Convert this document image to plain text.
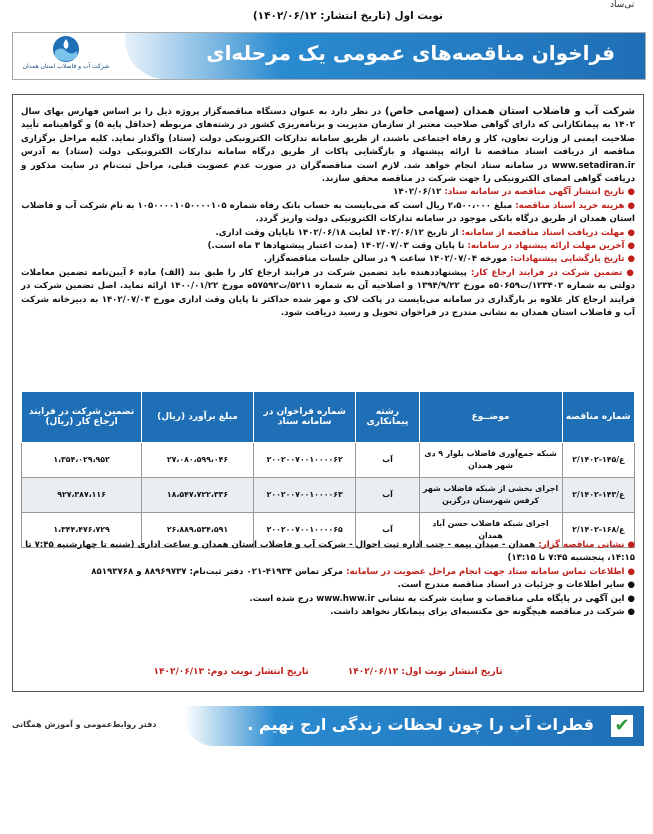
نی‌ساد
نوبت اول (تاریخ انتشار: ۱۴۰۲/۰۶/۱۲)
فراخوان مناقصه‌های عمومی یک مرحله‌ای
شرکت آب و فاضلاب استان همدان

شرکت آب و فاضلاب استان همدان (سهامی خاص) در نظر دارد به عنوان دستگاه مناقصه‌گزار پروژه ذیل را بر اساس فهارس بهای سال ۱۴۰۲ به پیمانکارانی که دارای گواهی صلاحیت معتبر از سازمان مدیریت و برنامه‌ریزی کشور در رشته‌های مربوطه (حداقل پایه ۵) و گواهینامه تأیید صلاحیت ایمنی از وزارت تعاون، کار و رفاه اجتماعی باشند، از طریق سامانه تدارکات الکترونیکی دولت (ستاد) واگذار نماید. کلیه مراحل برگزاری مناقصه از دریافت اسناد مناقصه تا ارائه پیشنهاد و بازگشایی پاکات از طریق درگاه سامانه تدارکات الکترونیکی دولت (ستاد) به آدرس www.setadiran.ir در سامانه ستاد انجام خواهد شد. لازم است مناقصه‌گران در صورت عدم عضویت قبلی، مراحل ثبت‌نام در سایت مذکور و دریافت گواهی امضای الکترونیکی را جهت شرکت در مناقصه محقق سازند.

● تاریخ انتشار آگهی مناقصه در سامانه ستاد: ۱۴۰۲/۰۶/۱۲

● هزینه خرید اسناد مناقصه: مبلغ ۲،۵۰۰،۰۰۰ ریال است که می‌بایست به حساب بانک رفاه شماره ۱۰۵۰۰۰۰۱۰۵۰۰۰۰۱۰۵ به نام شرکت آب و فاضلاب استان همدان از طریق درگاه بانکی موجود در سامانه تدارکات الکترونیکی دولت واریز گردد.

● مهلت دریافت اسناد مناقصه از سامانه: از تاریخ ۱۴۰۲/۰۶/۱۲ لغایت ۱۴۰۲/۰۶/۱۸ تاپایان وقت اداری.

● آخرین مهلت ارائه پیشنهاد در سامانه: تا پایان وقت ۱۴۰۲/۰۷/۰۳ (مدت اعتبار پیشنهادها ۳ ماه است.)

● تاریخ بازگشایی پیشنهادات: مورخه ۱۴۰۲/۰۷/۰۴ ساعت ۹ در سالن جلسات مناقصه‌گزار.

● تضمین شرکت در فرایند ارجاع کار: پیشنهاددهنده باید تضمین شرکت در فرایند ارجاع کار را طبق بند (الف) ماده ۶ آیین‌نامه تضمین معاملات دولتی به شماره ۱۲۳۴۰۲/ت۵۰۶۵۹ه مورخ ۱۳۹۴/۹/۲۲ و اصلاحیه آن به شماره ۵۲۱۱/ت۵۷۵۹۲ه مورخ ۱۴۰۰/۰۱/۲۲ ارائه نماید. اصل تضمین شرکت در فرایند ارجاع کار علاوه بر بارگذاری در سامانه می‌بایست در پاکت لاک و مهر شده حداکثر تا پایان وقت اداری مورخ ۱۴۰۲/۰۷/۰۳ به دبیرخانه شرکت آب و فاضلاب استان همدان به نشانی مندرج در فراخوان تحویل و رسید دریافت شود.

شماره مناقصه	موضــوع	رشته پیمانکاری	شماره فراخوان در سامانه ستاد	مبلغ برآورد (ریال)	تضمین شرکت در فرایند ارجاع کار (ریال)
ع/۱۴۵-۲/۱۴۰۲	شبکه جمع‌آوری فاضلاب بلوار ۹ دی شهر همدان	آب	۲۰۰۲۰۰۷۰۰۱۰۰۰۰۶۲	۲۷،۰۸۰،۵۹۹،۰۴۶	۱،۳۵۴،۰۲۹،۹۵۲
ع/۱۴۳-۲/۱۴۰۲	اجرای بخشی از شبکه فاضلاب شهر کرفس شهرستان درگزین	آب	۲۰۰۲۰۰۷۰۰۱۰۰۰۰۶۳	۱۸،۵۴۷،۷۲۲،۳۳۶	۹۲۷،۳۸۷،۱۱۶
ع/۱۶۸-۲/۱۴۰۲	اجرای شبکه فاضلاب حسن آباد همدان	آب	۲۰۰۲۰۰۷۰۰۱۰۰۰۰۶۵	۲۶،۸۸۹،۵۳۴،۵۹۱	۱،۳۴۴،۴۷۶،۷۲۹

● نشانی مناقصه گزار: همدان - میدان بیمه - جنب اداره ثبت احوال - شرکت آب و فاضلاب استان همدان و ساعت اداری (شنبه تا چهارشنبه ۷:۴۵ تا ۱۴:۱۵، پنجشنبه ۷:۴۵ تا ۱۳:۱۵)

● اطلاعات تماس سامانه ستاد جهت انجام مراحل عضویت در سامانه: مرکز تماس ۴۱۹۳۴-۰۲۱ دفتر ثبت‌نام: ۸۸۹۶۹۷۳۷ و ۸۵۱۹۳۷۶۸

● سایر اطلاعات و جزئیات در اسناد مناقصه مندرج است.

● این آگهی در پایگاه ملی مناقصات و سایت شرکت به نشانی www.hww.ir درج شده است.

● شرکت در مناقصه هیچگونه حق مکتسبه‌ای برای پیمانکار نخواهد داشت.

تاریخ انتشار نوبت اول: ۱۴۰۲/۰۶/۱۲ تاریخ انتشار نوبت دوم: ۱۴۰۲/۰۶/۱۳
✔
قطرات آب را چون لحظات زندگی ارج نهیم .
دفتر روابط‌عمومی و آموزش همگانی
